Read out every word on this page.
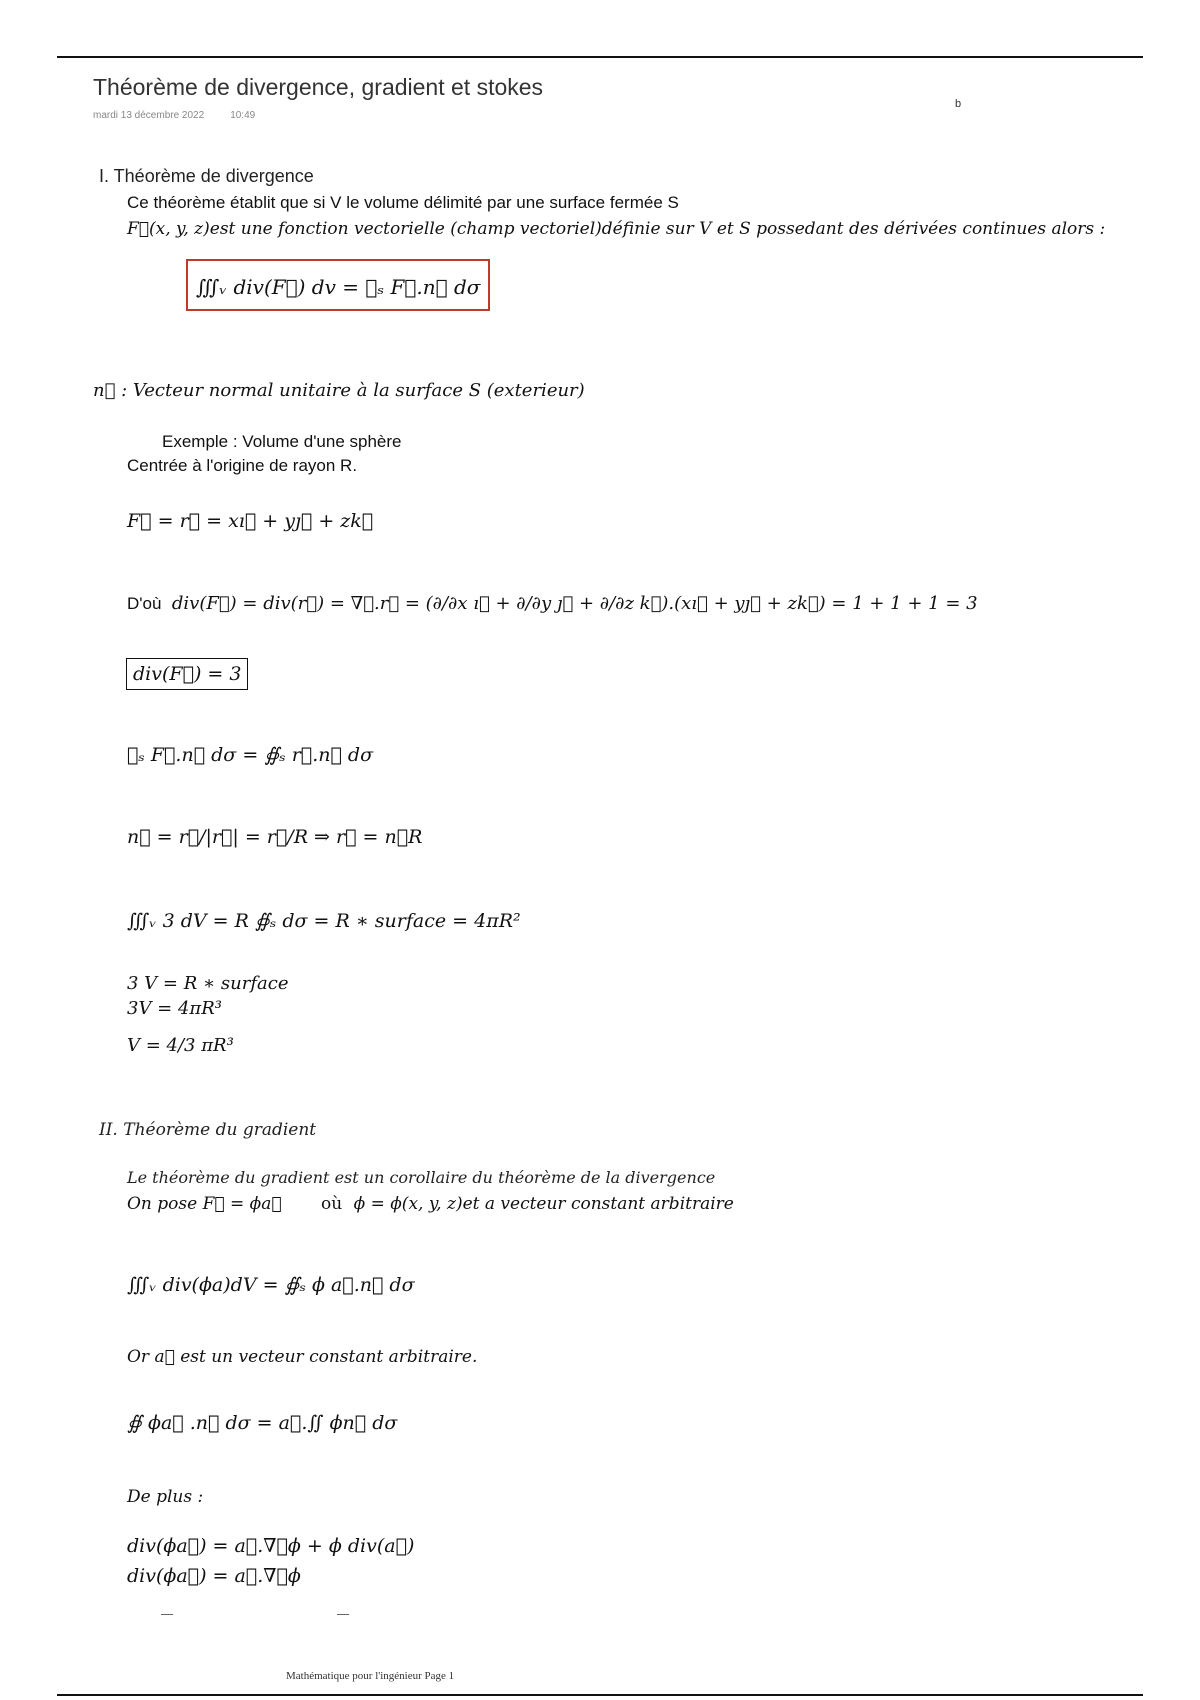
Théorème de divergence, gradient et stokes
mardi 13 décembre 2022	10:49
b
I. Théorème de divergence
Ce théorème établit que si V le volume délimité par une surface fermée S
F⃗(x, y, z)est une fonction vectorielle (champ vectoriel)définie sur V et S possedant des dérivées continues alors :
∭ᵥ div(F⃗) dv = ∯ₛ F⃗.n⃗ dσ
n⃗ : Vecteur normal unitaire à la surface S (exterieur)
Exemple : Volume d'une sphère
Centrée à l'origine de rayon R.
F⃗ = r⃗ = xı⃗ + yȷ⃗ + zk⃗
D'où div(F⃗) = div(r⃗) = ∇⃗.r⃗ = (∂/∂x ı⃗ + ∂/∂y ȷ⃗ + ∂/∂z k⃗).(xı⃗ + yȷ⃗ + zk⃗) = 1 + 1 + 1 = 3
div(F⃗) = 3
∯ₛ F⃗.n⃗ dσ = ∯ₛ r⃗.n⃗ dσ
n⃗ = r⃗/|r⃗| = r⃗/R ⇒ r⃗ = n⃗R
∭ᵥ 3 dV = R ∯ₛ dσ = R ∗ surface = 4πR²
3 V = R ∗ surface
3V = 4πR³
V = 4/3 πR³
II. Théorème du gradient
Le théorème du gradient est un corollaire du théorème de la divergence
On pose F⃗ = ϕa⃗ où ϕ = ϕ(x, y, z)et a vecteur constant arbitraire
∭ᵥ div(ϕa)dV = ∯ₛ ϕ a⃗.n⃗ dσ
Or a⃗ est un vecteur constant arbitraire.
∯ ϕa⃗ .n⃗ dσ = a⃗.∬ ϕn⃗ dσ
De plus :
div(ϕa⃗) = a⃗.∇⃗ϕ + ϕ div(a⃗)
div(ϕa⃗) = a⃗.∇⃗ϕ
Mathématique pour l'ingénieur Page 1
